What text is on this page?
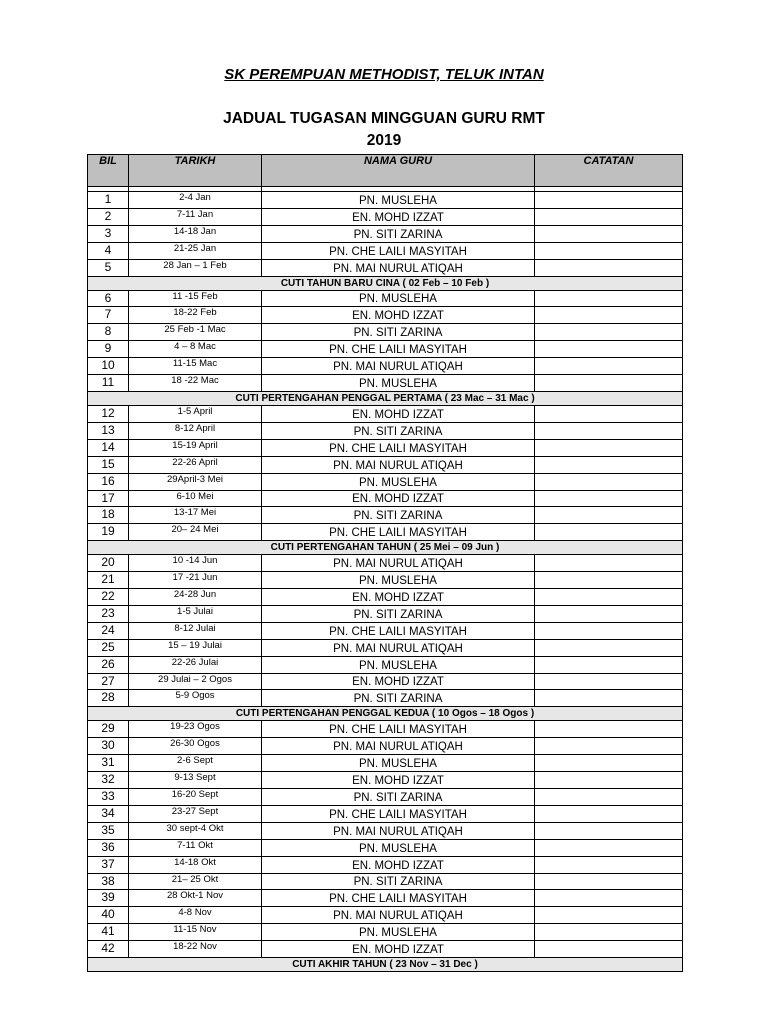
SK PEREMPUAN METHODIST, TELUK INTAN
JADUAL TUGASAN MINGGUAN GURU RMT
2019
BIL	TARIKH	NAMA GURU	CATATAN

1	2-4 Jan	PN. MUSLEHA	
2	7-11 Jan	EN. MOHD IZZAT	
3	14-18 Jan	PN. SITI ZARINA	
4	21-25 Jan	PN. CHE LAILI MASYITAH	
5	28 Jan – 1 Feb	PN. MAI NURUL ATIQAH	
CUTI TAHUN BARU CINA ( 02 Feb – 10 Feb )			
6	11 -15 Feb	PN. MUSLEHA	
7	18-22 Feb	EN. MOHD IZZAT	
8	25 Feb -1 Mac	PN. SITI ZARINA	
9	4 – 8 Mac	PN. CHE LAILI MASYITAH	
10	11-15 Mac	PN. MAI NURUL ATIQAH	
11	18 -22 Mac	PN. MUSLEHA	
CUTI PERTENGAHAN PENGGAL PERTAMA ( 23 Mac – 31 Mac )			
12	1-5 April	EN. MOHD IZZAT	
13	8-12 April	PN. SITI ZARINA	
14	15-19 April	PN. CHE LAILI MASYITAH	
15	22-26 April	PN. MAI NURUL ATIQAH	
16	29April-3 Mei	PN. MUSLEHA	
17	6-10 Mei	EN. MOHD IZZAT	
18	13-17 Mei	PN. SITI ZARINA	
19	20– 24 Mei	PN. CHE LAILI MASYITAH	
CUTI PERTENGAHAN TAHUN ( 25 Mei – 09 Jun )			
20	10 -14 Jun	PN. MAI NURUL ATIQAH	
21	17 -21 Jun	PN. MUSLEHA	
22	24-28 Jun	EN. MOHD IZZAT	
23	1-5 Julai	PN. SITI ZARINA	
24	8-12 Julai	PN. CHE LAILI MASYITAH	
25	15 – 19 Julai	PN. MAI NURUL ATIQAH	
26	22-26 Julai	PN. MUSLEHA	
27	29 Julai – 2 Ogos	EN. MOHD IZZAT	
28	5-9 Ogos	PN. SITI ZARINA	
CUTI PERTENGAHAN PENGGAL KEDUA ( 10 Ogos – 18 Ogos )			
29	19-23 Ogos	PN. CHE LAILI MASYITAH	
30	26-30 Ogos	PN. MAI NURUL ATIQAH	
31	2-6 Sept	PN. MUSLEHA	
32	9-13 Sept	EN. MOHD IZZAT	
33	16-20 Sept	PN. SITI ZARINA	
34	23-27 Sept	PN. CHE LAILI MASYITAH	
35	30 sept-4 Okt	PN. MAI NURUL ATIQAH	
36	7-11 Okt	PN. MUSLEHA	
37	14-18 Okt	EN. MOHD IZZAT	
38	21– 25 Okt	PN. SITI ZARINA	
39	28 Okt-1 Nov	PN. CHE LAILI MASYITAH	
40	4-8 Nov	PN. MAI NURUL ATIQAH	
41	11-15 Nov	PN. MUSLEHA	
42	18-22 Nov	EN. MOHD IZZAT	
CUTI AKHIR TAHUN ( 23 Nov – 31 Dec )			
